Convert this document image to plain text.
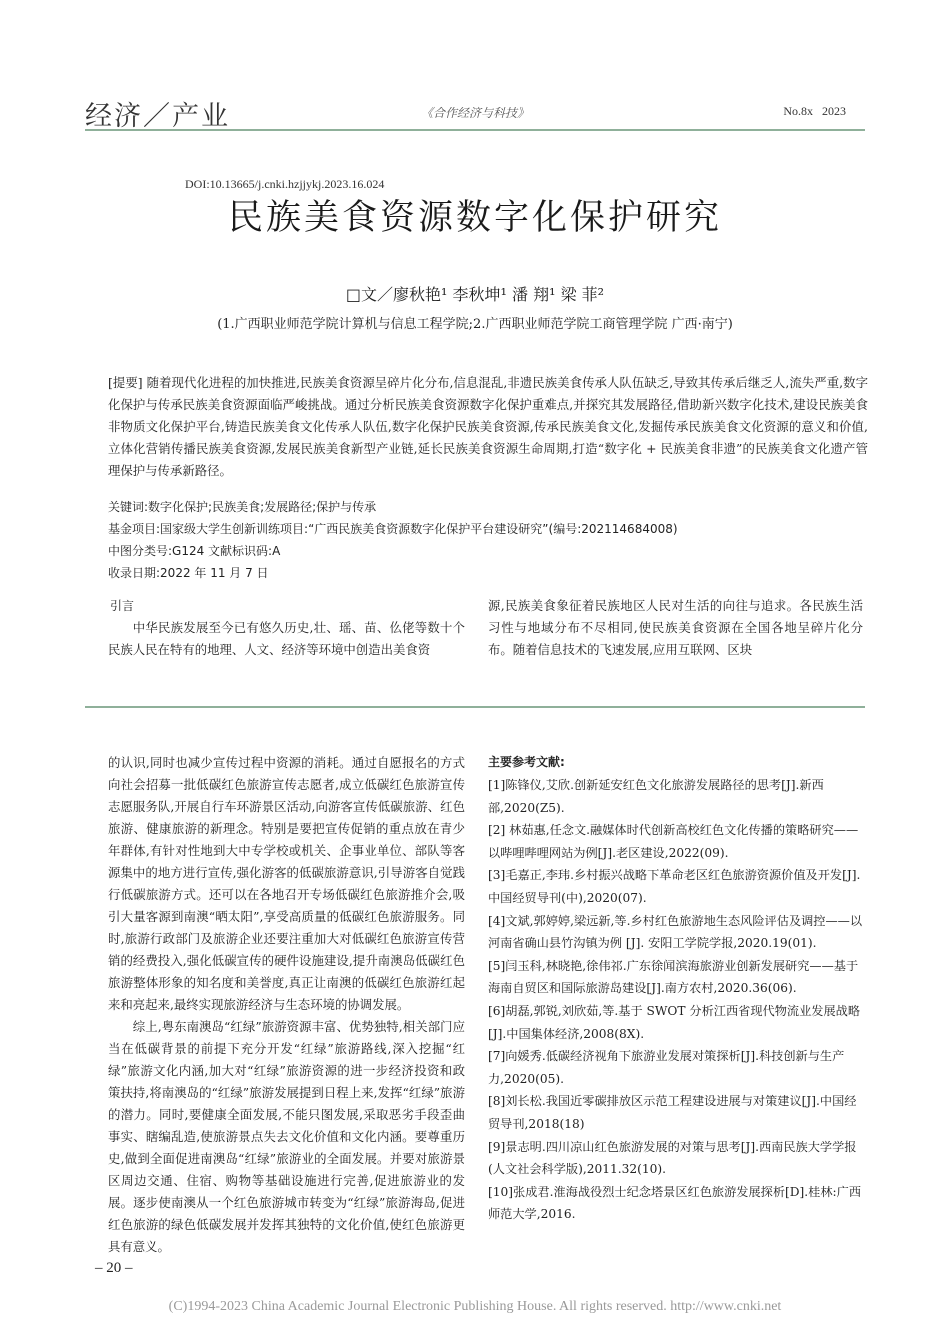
经济／产业	《合作经济与科技》	No.8x 2023
DOI:10.13665/j.cnki.hzjjykj.2023.16.024
民族美食资源数字化保护研究
□文／廖秋艳¹ 李秋坤¹ 潘 翔¹ 梁 菲²
(1.广西职业师范学院计算机与信息工程学院;2.广西职业师范学院工商管理学院 广西·南宁)
[提要] 随着现代化进程的加快推进,民族美食资源呈碎片化分布,信息混乱,非遗民族美食传承人队伍缺乏,导致其传承后继乏人,流失严重,数字化保护与传承民族美食资源面临严峻挑战。通过分析民族美食资源数字化保护重难点,并探究其发展路径,借助新兴数字化技术,建设民族美食非物质文化保护平台,铸造民族美食文化传承人队伍,数字化保护民族美食资源,传承民族美食文化,发掘传承民族美食文化资源的意义和价值,立体化营销传播民族美食资源,发展民族美食新型产业链,延长民族美食资源生命周期,打造“数字化 + 民族美食非遗”的民族美食文化遗产管理保护与传承新路径。
关键词:数字化保护;民族美食;发展路径;保护与传承
基金项目:国家级大学生创新训练项目:“广西民族美食资源数字化保护平台建设研究”(编号:202114684008)
中图分类号:G124 文献标识码:A
收录日期:2022 年 11 月 7 日
引言

中华民族发展至今已有悠久历史,壮、瑶、苗、仫佬等数十个民族人民在特有的地理、人文、经济等环境中创造出美食资

源,民族美食象征着民族地区人民对生活的向往与追求。各民族生活习性与地域分布不尽相同,使民族美食资源在全国各地呈碎片化分布。随着信息技术的飞速发展,应用互联网、区块

的认识,同时也减少宣传过程中资源的消耗。通过自愿报名的方式向社会招募一批低碳红色旅游宣传志愿者,成立低碳红色旅游宣传志愿服务队,开展自行车环游景区活动,向游客宣传低碳旅游、红色旅游、健康旅游的新理念。特别是要把宣传促销的重点放在青少年群体,有针对性地到大中专学校或机关、企事业单位、部队等客源集中的地方进行宣传,强化游客的低碳旅游意识,引导游客自觉践行低碳旅游方式。还可以在各地召开专场低碳红色旅游推介会,吸引大量客源到南澳“晒太阳”,享受高质量的低碳红色旅游服务。同时,旅游行政部门及旅游企业还要注重加大对低碳红色旅游宣传营销的经费投入,强化低碳宣传的硬件设施建设,提升南澳岛低碳红色旅游整体形象的知名度和美誉度,真正让南澳的低碳红色旅游红起来和亮起来,最终实现旅游经济与生态环境的协调发展。

综上,粤东南澳岛“红绿”旅游资源丰富、优势独特,相关部门应当在低碳背景的前提下充分开发“红绿”旅游路线,深入挖掘“红绿”旅游文化内涵,加大对“红绿”旅游资源的进一步经济投资和政策扶持,将南澳岛的“红绿”旅游发展提到日程上来,发挥“红绿”旅游的潜力。同时,要健康全面发展,不能只图发展,采取恶劣手段歪曲事实、瞎编乱造,使旅游景点失去文化价值和文化内涵。要尊重历史,做到全面促进南澳岛“红绿”旅游业的全面发展。并要对旅游景区周边交通、住宿、购物等基础设施进行完善,促进旅游业的发展。逐步使南澳从一个红色旅游城市转变为“红绿”旅游海岛,促进红色旅游的绿色低碳发展并发挥其独特的文化价值,使红色旅游更具有意义。

主要参考文献:

[1]陈锋仪,艾欣.创新延安红色文化旅游发展路径的思考[J].新西部,2020(Z5).

[2] 林茹惠,任念文.融媒体时代创新高校红色文化传播的策略研究——以哔哩哔哩网站为例[J].老区建设,2022(09).

[3]毛嘉正,李玮.乡村振兴战略下革命老区红色旅游资源价值及开发[J].中国经贸导刊(中),2020(07).

[4]文斌,郭婷婷,梁远新,等.乡村红色旅游地生态风险评估及调控——以河南省确山县竹沟镇为例 [J]. 安阳工学院学报,2020.19(01).

[5]闫玉科,林晓艳,徐伟祁.广东徐闻滨海旅游业创新发展研究——基于海南自贸区和国际旅游岛建设[J].南方农村,2020.36(06).

[6]胡磊,郭锐,刘欣茹,等.基于 SWOT 分析江西省现代物流业发展战略[J].中国集体经济,2008(8X).

[7]向媛秀.低碳经济视角下旅游业发展对策探析[J].科技创新与生产力,2020(05).

[8]刘长松.我国近零碳排放区示范工程建设进展与对策建议[J].中国经贸导刊,2018(18)

[9]景志明.四川凉山红色旅游发展的对策与思考[J].西南民族大学学报(人文社会科学版),2011.32(10).

[10]张成君.淮海战役烈士纪念塔景区红色旅游发展探析[D].桂林:广西师范大学,2016.

– 20 –
(C)1994-2023 China Academic Journal Electronic Publishing House. All rights reserved. http://www.cnki.net
